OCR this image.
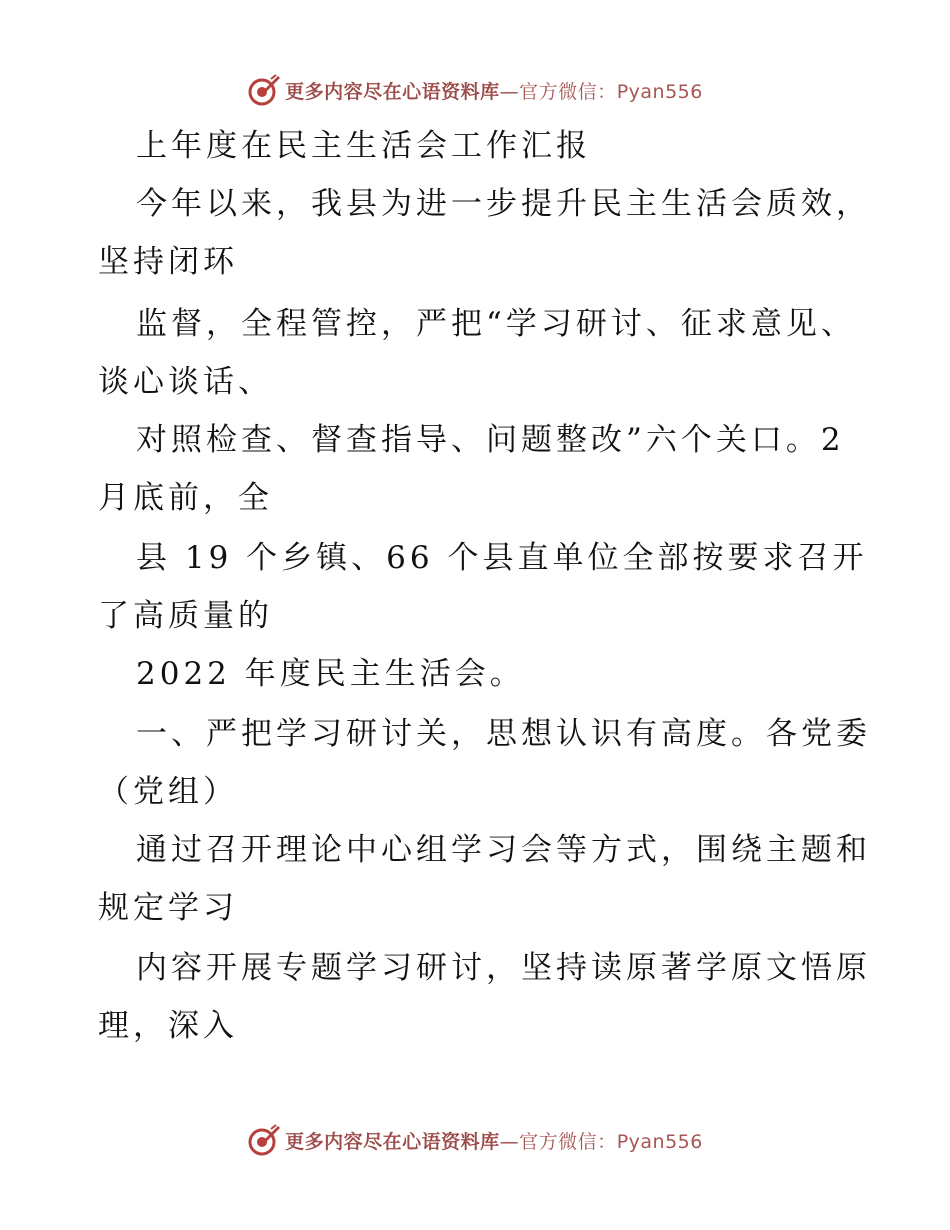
更多内容尽在心语资料库—官方微信：Pyan556
上年度在民主生活会工作汇报
今年以来，我县为进一步提升民主生活会质效，
坚持闭环
监督，全程管控，严把“学习研讨、征求意见、
谈心谈话、
对照检查、督查指导、问题整改”六个关口。2
月底前，全
县 19 个乡镇、66 个县直单位全部按要求召开
了高质量的
2022 年度民主生活会。
一、严把学习研讨关，思想认识有高度。各党委
（党组）
通过召开理论中心组学习会等方式，围绕主题和
规定学习
内容开展专题学习研讨，坚持读原著学原文悟原
理，深入
更多内容尽在心语资料库—官方微信：Pyan556
